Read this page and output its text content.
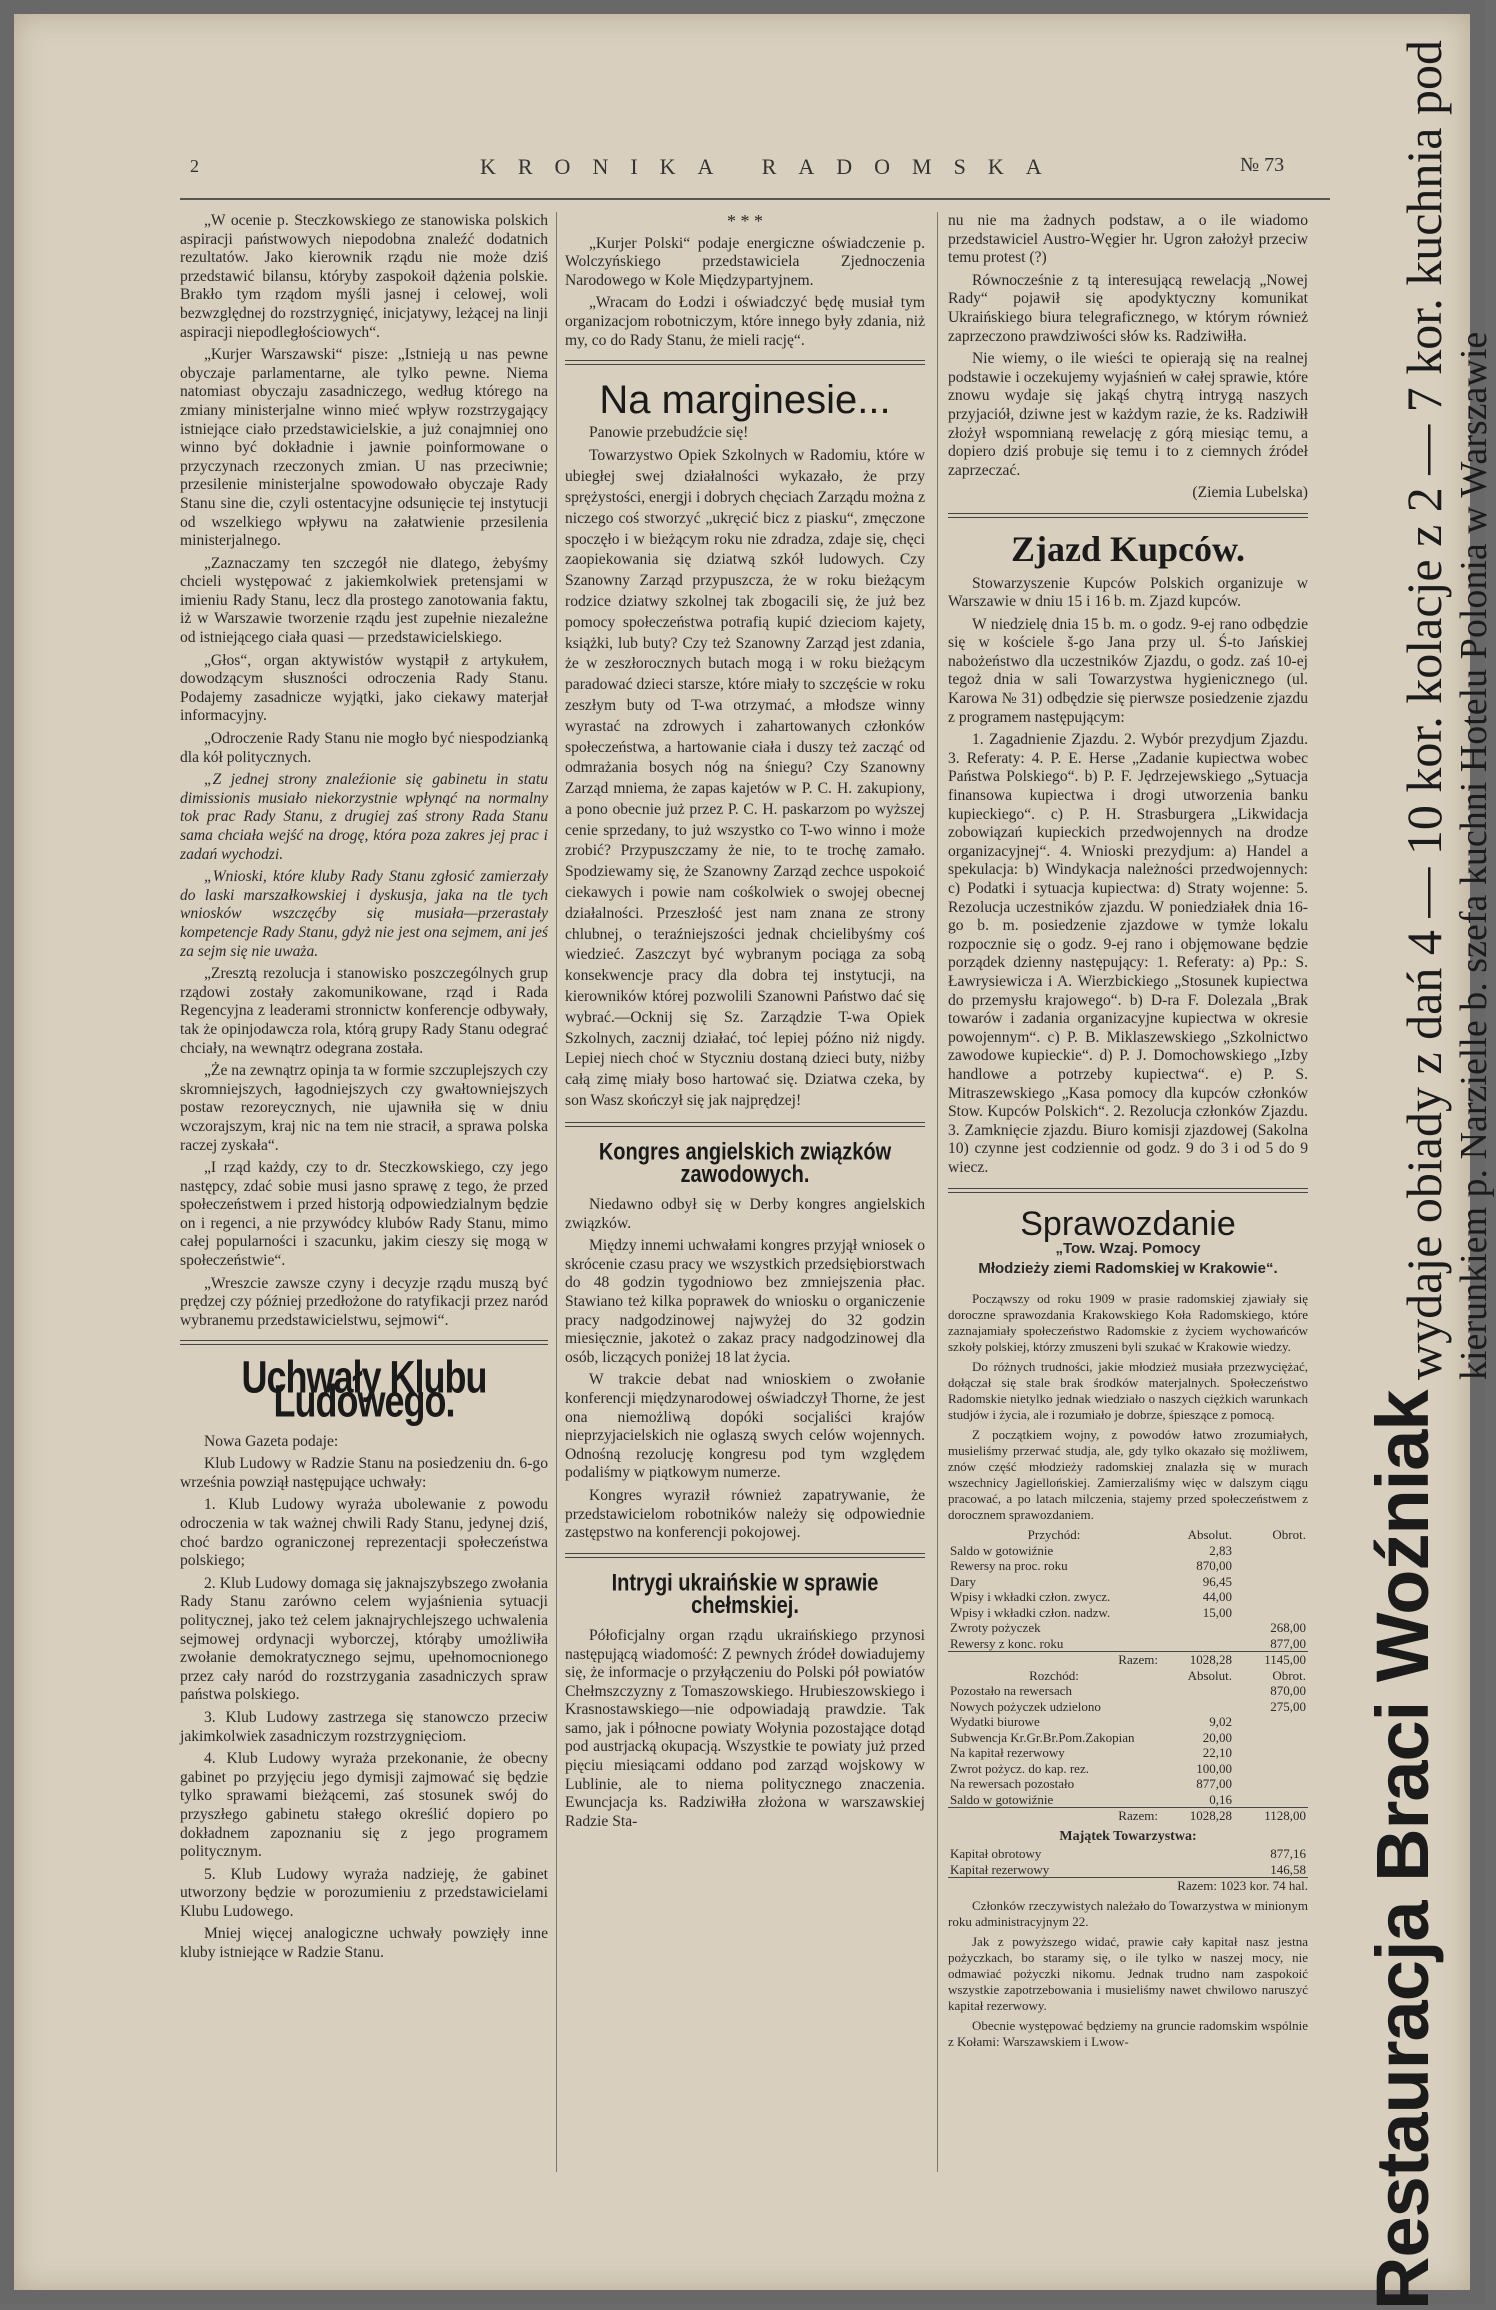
2	KRONIKA RADOMSKA	№ 73

„W ocenie p. Steczkowskiego ze stanowiska polskich aspiracji państwowych niepodobna znaleźć dodatnich rezultatów. Jako kierownik rządu nie może dziś przedstawić bilansu, któryby zaspokoił dążenia polskie. Brakło tym rządom myśli jasnej i celowej, woli bezwzględnej do rozstrzygnięć, inicjatywy, leżącej na linji aspiracji niepodległościowych“.

„Kurjer Warszawski“ pisze: „Istnieją u nas pewne obyczaje parlamentarne, ale tylko pewne. Niema natomiast obyczaju zasadniczego, według którego na zmiany ministerjalne winno mieć wpływ rozstrzygający istniejące ciało przedstawicielskie, a już conajmniej ono winno być dokładnie i jawnie poinformowane o przyczynach rzeczonych zmian. U nas przeciwnie; przesilenie ministerjalne spowodowało obyczaje Rady Stanu sine die, czyli ostentacyjne odsunięcie tej instytucji od wszelkiego wpływu na załatwienie przesilenia ministerjalnego.

„Zaznaczamy ten szczegół nie dlatego, żebyśmy chcieli występować z jakiemkolwiek pretensjami w imieniu Rady Stanu, lecz dla prostego zanotowania faktu, iż w Warszawie tworzenie rządu jest zupełnie niezależne od istniejącego ciała quasi — przedstawicielskiego.

„Głos“, organ aktywistów wystąpił z artykułem, dowodzącym słuszności odroczenia Rady Stanu. Podajemy zasadnicze wyjątki, jako ciekawy materjał informacyjny.

„Odroczenie Rady Stanu nie mogło być niespodzianką dla kół politycznych.

„Z jednej strony znaleźionie się gabinetu in statu dimissionis musiało niekorzystnie wpłynąć na normalny tok prac Rady Stanu, z drugiej zaś strony Rada Stanu sama chciała wejść na drogę, która poza zakres jej prac i zadań wychodzi.

„Wnioski, które kluby Rady Stanu zgłosić zamierzały do laski marszałkowskiej i dyskusja, jaka na tle tych wniosków wszczęćby się musiała—przerastały kompetencje Rady Stanu, gdyż nie jest ona sejmem, ani jeś za sejm się nie uważa.

„Zresztą rezolucja i stanowisko poszczególnych grup rządowi zostały zakomunikowane, rząd i Rada Regencyjna z leaderami stronnictw konferencje odbywały, tak że opinjodawcza rola, którą grupy Rady Stanu odegrać chciały, na wewnątrz odegrana została.

„Że na zewnątrz opinja ta w formie szczuplejszych czy skromniejszych, łagodniejszych czy gwałtowniejszych postaw rezoreycznych, nie ujawniła się w dniu wczorajszym, kraj nic na tem nie stracił, a sprawa polska raczej zyskała“.

„I rząd każdy, czy to dr. Steczkowskiego, czy jego następcy, zdać sobie musi jasno sprawę z tego, że przed społeczeństwem i przed historją odpowiedzialnym będzie on i regenci, a nie przywódcy klubów Rady Stanu, mimo całej popularności i szacunku, jakim cieszy się mogą w społeczeństwie“.

„Wreszcie zawsze czyny i decyzje rządu muszą być prędzej czy później przedłożone do ratyfikacji przez naród wybranemu przedstawicielstwu, sejmowi“.

Uchwały Klubu Ludowego.

Nowa Gazeta podaje:

Klub Ludowy w Radzie Stanu na posiedzeniu dn. 6-go września powziął następujące uchwały:

1. Klub Ludowy wyraża ubolewanie z powodu odroczenia w tak ważnej chwili Rady Stanu, jedynej dziś, choć bardzo ograniczonej reprezentacji społeczeństwa polskiego;

2. Klub Ludowy domaga się jaknajszybszego zwołania Rady Stanu zarówno celem wyjaśnienia sytuacji politycznej, jako też celem jaknajrychlejszego uchwalenia sejmowej ordynacji wyborczej, którąby umożliwiła zwołanie demokratycznego sejmu, upełnomocnionego przez cały naród do rozstrzygania zasadniczych spraw państwa polskiego.

3. Klub Ludowy zastrzega się stanowczo przeciw jakimkolwiek zasadniczym rozstrzygnięciom.

4. Klub Ludowy wyraża przekonanie, że obecny gabinet po przyjęciu jego dymisji zajmować się będzie tylko sprawami bieżącemi, zaś stosunek swój do przyszłego gabinetu stałego określić dopiero po dokładnem zapoznaniu się z jego programem politycznym.

5. Klub Ludowy wyraża nadzieję, że gabinet utworzony będzie w porozumieniu z przedstawicielami Klubu Ludowego.

Mniej więcej analogiczne uchwały powzięły inne kluby istniejące w Radzie Stanu.

* * *

„Kurjer Polski“ podaje energiczne oświadczenie p. Wolczyńskiego przedstawiciela Zjednoczenia Narodowego w Kole Międzypartyjnem.

„Wracam do Łodzi i oświadczyć będę musiał tym organizacjom robotniczym, które innego były zdania, niż my, co do Rady Stanu, że mieli rację“.

Na marginesie...

Panowie przebudźcie się!

Towarzystwo Opiek Szkolnych w Radomiu, które w ubiegłej swej działalności wykazało, że przy sprężystości, energji i dobrych chęciach Zarządu można z niczego coś stworzyć „ukręcić bicz z piasku“, zmęczone spoczęło i w bieżącym roku nie zdradza, zdaje się, chęci zaopiekowania się dziatwą szkół ludowych. Czy Szanowny Zarząd przypuszcza, że w roku bieżącym rodzice dziatwy szkolnej tak zbogacili się, że już bez pomocy społeczeństwa potrafią kupić dzieciom kajety, książki, lub buty? Czy też Szanowny Zarząd jest zdania, że w zeszłorocznych butach mogą i w roku bieżącym paradować dzieci starsze, które miały to szczęście w roku zeszłym buty od T-wa otrzymać, a młodsze winny wyrastać na zdrowych i zahartowanych członków społeczeństwa, a hartowanie ciała i duszy też zacząć od odmrażania bosych nóg na śniegu? Czy Szanowny Zarząd mniema, że zapas kajetów w P. C. H. zakupiony, a pono obecnie już przez P. C. H. paskarzom po wyższej cenie sprzedany, to już wszystko co T-wo winno i może zrobić? Przypuszczamy że nie, to te trochę zamało. Spodziewamy się, że Szanowny Zarząd zechce uspokoić ciekawych i powie nam cośkolwiek o swojej obecnej działalności. Przeszłość jest nam znana ze strony chlubnej, o teraźniejszości jednak chcielibyśmy coś wiedzieć. Zaszczyt być wybranym pociąga za sobą konsekwencje pracy dla dobra tej instytucji, na kierowników której pozwolili Szanowni Państwo dać się wybrać.—Ocknij się Sz. Zarządzie T-wa Opiek Szkolnych, zacznij działać, toć lepiej późno niż nigdy. Lepiej niech choć w Styczniu dostaną dzieci buty, niżby całą zimę miały boso hartować się. Dziatwa czeka, by son Wasz skończył się jak najprędzej!

Kongres angielskich związków zawodowych.

Niedawno odbył się w Derby kongres angielskich związków.

Między innemi uchwałami kongres przyjął wniosek o skrócenie czasu pracy we wszystkich przedsiębiorstwach do 48 godzin tygodniowo bez zmniejszenia płac. Stawiano też kilka poprawek do wniosku o organiczenie pracy nadgodzinowej najwyżej do 32 godzin miesięcznie, jakoteż o zakaz pracy nadgodzinowej dla osób, liczących poniżej 18 lat życia.

W trakcie debat nad wnioskiem o zwołanie konferencji międzynarodowej oświadczył Thorne, że jest ona niemożliwą dopóki socjaliści krajów nieprzyjacielskich nie oglaszą swych celów wojennych. Odnośną rezolucję kongresu pod tym względem podaliśmy w piątkowym numerze.

Kongres wyraził również zapatrywanie, że przedstawicielom robotników należy się odpowiednie zastępstwo na konferencji pokojowej.

Intrygi ukraińskie w sprawie chełmskiej.

Półoficjalny organ rządu ukraińskiego przynosi następującą wiadomość: Z pewnych źródeł dowiadujemy się, że informacje o przyłączeniu do Polski pół powiatów Chełmszczyzny z Tomaszowskiego. Hrubieszowskiego i Krasnostawskiego—nie odpowiadają prawdzie. Tak samo, jak i północne powiaty Wołynia pozostające dotąd pod austrjacką okupacją. Wszystkie te powiaty już przed pięciu miesiącami oddano pod zarząd wojskowy w Lublinie, ale to niema politycznego znaczenia. Ewuncjacja ks. Radziwiłła złożona w warszawskiej Radzie Sta-

nu nie ma żadnych podstaw, a o ile wiadomo przedstawiciel Austro-Węgier hr. Ugron założył przeciw temu protest (?)

Równocześnie z tą interesującą rewelacją „Nowej Rady“ pojawił się apodyktyczny komunikat Ukraińskiego biura telegraficznego, w którym również zaprzeczono prawdziwości słów ks. Radziwiłła.

Nie wiemy, o ile wieści te opierają się na realnej podstawie i oczekujemy wyjaśnień w całej sprawie, które znowu wydaje się jakąś chytrą intrygą naszych przyjaciół, dziwne jest w każdym razie, że ks. Radziwiłł złożył wspomnianą rewelację z górą miesiąc temu, a dopiero dziś probuje się temu i to z ciemnych źródeł zaprzeczać.

(Ziemia Lubelska)

Zjazd Kupców.

Stowarzyszenie Kupców Polskich organizuje w Warszawie w dniu 15 i 16 b. m. Zjazd kupców.

W niedzielę dnia 15 b. m. o godz. 9-ej rano odbędzie się w kościele š-go Jana przy ul. Ś-to Jańskiej nabożeństwo dla uczestników Zjazdu, o godz. zaś 10-ej tegoż dnia w sali Towarzystwa hygienicznego (ul. Karowa № 31) odbędzie się pierwsze posiedzenie zjazdu z programem następującym:

1. Zagadnienie Zjazdu. 2. Wybór prezydjum Zjazdu. 3. Referaty: 4. P. E. Herse „Zadanie kupiectwa wobec Państwa Polskiego“. b) P. F. Jędrzejewskiego „Sytuacja finansowa kupiectwa i drogi utworzenia banku kupieckiego“. c) P. H. Strasburgera „Likwidacja zobowiązań kupieckich przedwojennych na drodze organizacyjnej“. 4. Wnioski prezydjum: a) Handel a spekulacja: b) Windykacja należności przedwojennych: c) Podatki i sytuacja kupiectwa: d) Straty wojenne: 5. Rezolucja uczestników zjazdu. W poniedziałek dnia 16-go b. m. posiedzenie zjazdowe w tymże lokalu rozpocznie się o godz. 9-ej rano i objęmowane będzie porządek dzienny następujący: 1. Referaty: a) Pp.: S. Ławrysiewicza i A. Wierzbickiego „Stosunek kupiectwa do przemysłu krajowego“. b) D-ra F. Dolezala „Brak towarów i zadania organizacyjne kupiectwa w okresie powojennym“. c) P. B. Miklaszewskiego „Szkolnictwo zawodowe kupieckie“. d) P. J. Domochowskiego „Izby handlowe a potrzeby kupiectwa“. e) P. S. Mitraszewskiego „Kasa pomocy dla kupców członków Stow. Kupców Polskich“. 2. Rezolucja członków Zjazdu. 3. Zamknięcie zjazdu. Biuro komisji zjazdowej (Sakolna 10) czynne jest codziennie od godz. 9 do 3 i od 5 do 9 wiecz.

Sprawozdanie
„Tow. Wzaj. Pomocy
Młodzieży ziemi Radomskiej w Krakowie“.

Począwszy od roku 1909 w prasie radomskiej zjawiały się doroczne sprawozdania Krakowskiego Koła Radomskiego, które zaznajamiały społeczeństwo Radomskie z życiem wychowańców szkoły polskiej, którzy zmuszeni byli szukać w Krakowie wiedzy.

Do różnych trudności, jakie młodzież musiała przezwyciężać, dołączał się stale brak środków materjalnych. Społeczeństwo Radomskie nietylko jednak wiedziało o naszych ciężkich warunkach studjów i życia, ale i rozumiało je dobrze, śpieszące z pomocą.

Z początkiem wojny, z powodów łatwo zrozumiałych, musieliśmy przerwać studja, ale, gdy tylko okazało się możliwem, znów część młodzieży radomskiej znalazła się w murach wszechnicy Jagiellońskiej. Zamierzaliśmy więc w dalszym ciągu pracować, a po latach milczenia, stajemy przed społeczeństwem z dorocznem sprawozdaniem.

Przychód:	Absolut.	Obrot.
Saldo w gotowiźnie	2,83	
Rewersy na proc. roku	870,00	
Dary	96,45	
Wpisy i wkładki człon. zwycz.	44,00	
Wpisy i wkładki człon. nadzw.	15,00	
Zwroty pożyczek		268,00
Rewersy z konc. roku		877,00
Razem:	1028,28	1145,00
Rozchód:	Absolut.	Obrot.
Pozostało na rewersach		870,00
Nowych pożyczek udzielono		275,00
Wydatki biurowe	9,02	
Subwencja Kr.Gr.Br.Pom.Zakopian	20,00	
Na kapitał rezerwowy	22,10	
Zwrot pożycz. do kap. rez.	100,00	
Na rewersach pozostało	877,00	
Saldo w gotowiźnie	0,16	
Razem:	1028,28	1128,00
Majątek Towarzystwa:
Kapitał obrotowy	877,16
Kapitał rezerwowy	146,58
Razem: 1023 kor. 74 hal.

Członków rzeczywistych należało do Towarzystwa w minionym roku administracyjnym 22.

Jak z powyższego widać, prawie cały kapitał nasz jestna pożyczkach, bo staramy się, o ile tylko w naszej mocy, nie odmawiać pożyczki nikomu. Jednak trudno nam zaspokoić wszystkie zapotrzebowania i musieliśmy nawet chwilowo naruszyć kapitał rezerwowy.

Obecnie występować będziemy na gruncie radomskim wspólnie z Kołami: Warszawskiem i Lwow-	Restauracja Braci Woźniak
wydaje obiady z dań 4 — 10 kor. kolacje z 2 — 7 kor. kuchnia pod kierunkiem p. Narzielle b. szefa kuchni Hotelu Polonia w Warszawie
